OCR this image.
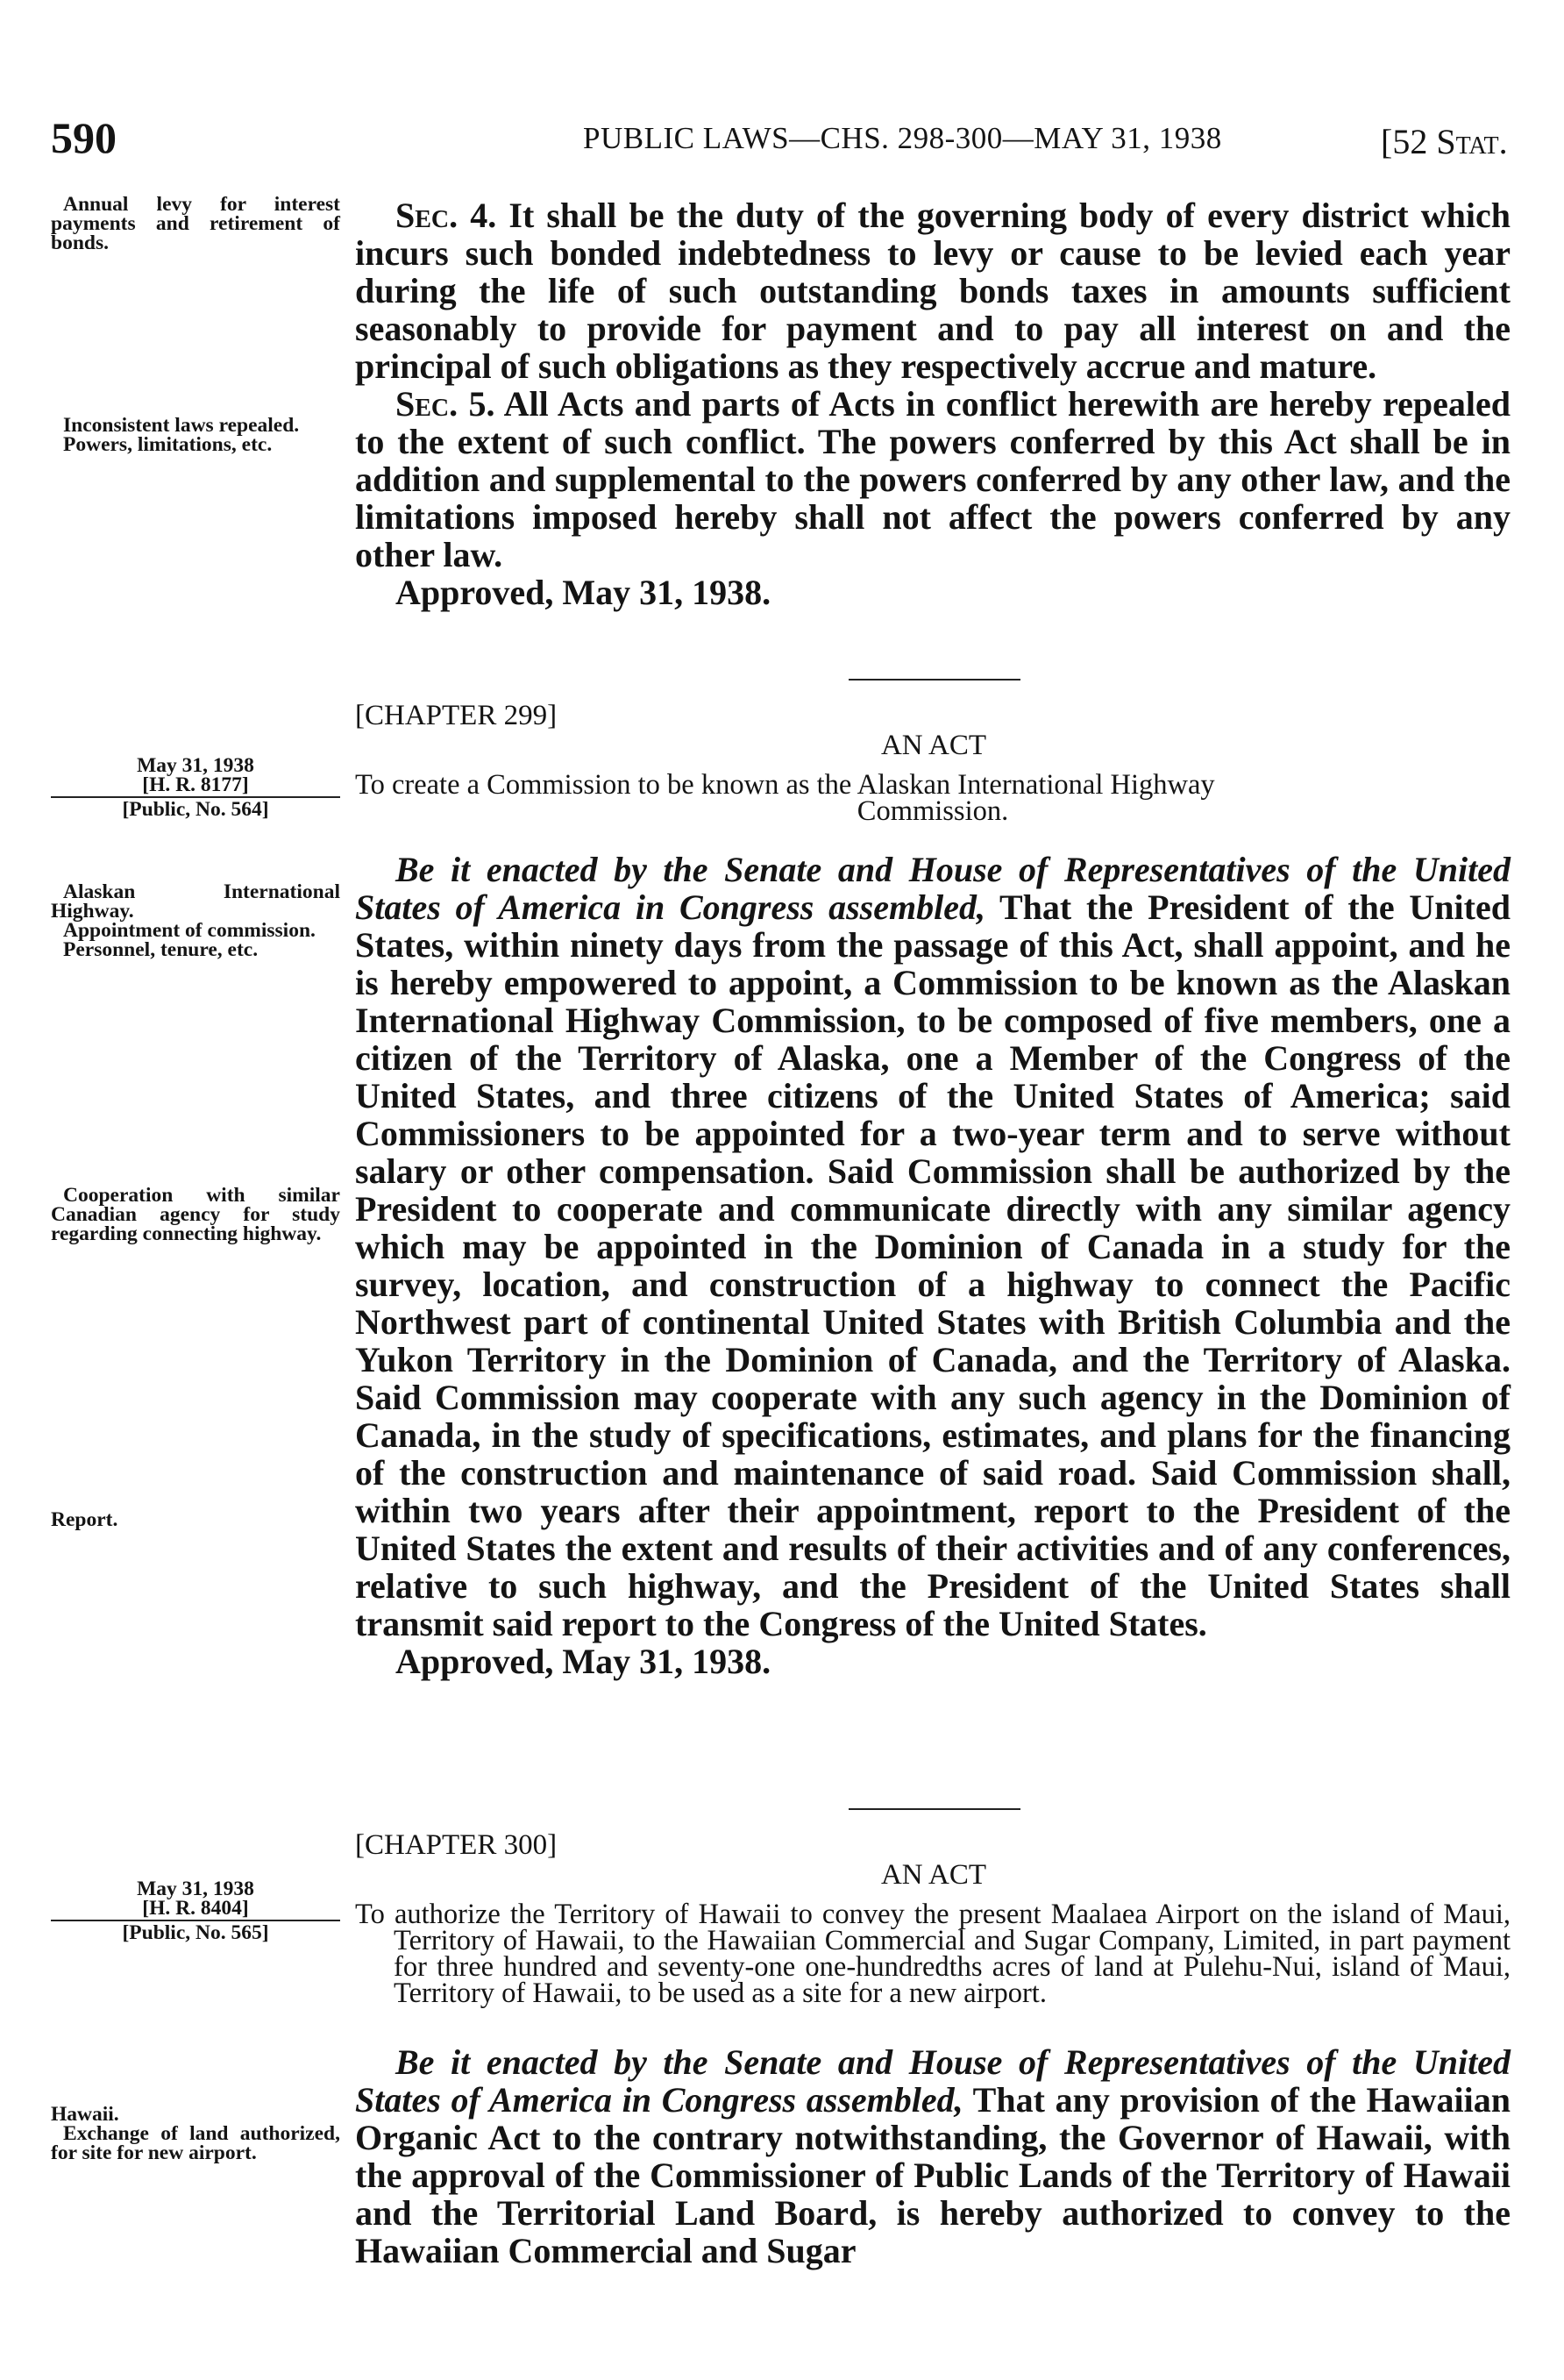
590	PUBLIC LAWS—CHS. 298-300—MAY 31, 1938	[52 Stat.

Annual levy for interest payments and retirement of bonds.

Inconsistent laws repealed.

Powers, limitations, etc.

May 31, 1938

[H. R. 8177]

[Public, No. 564]

Alaskan International Highway.

Appointment of commission.

Personnel, tenure, etc.

Cooperation with similar Canadian agency for study regarding connecting highway.

Report.

May 31, 1938

[H. R. 8404]

[Public, No. 565]

Hawaii.

Exchange of land authorized, for site for new airport.

Sec. 4. It shall be the duty of the governing body of every district which incurs such bonded indebtedness to levy or cause to be levied each year during the life of such outstanding bonds taxes in amounts sufficient seasonably to provide for payment and to pay all interest on and the principal of such obligations as they respectively accrue and mature.

Sec. 5. All Acts and parts of Acts in conflict herewith are hereby repealed to the extent of such conflict. The powers conferred by this Act shall be in addition and supplemental to the powers conferred by any other law, and the limitations imposed hereby shall not affect the powers conferred by any other law.

Approved, May 31, 1938.

[CHAPTER 299]
AN ACT
To create a Commission to be known as the Alaskan International Highway
Commission.

Be it enacted by the Senate and House of Representatives of the United States of America in Congress assembled, That the President of the United States, within ninety days from the passage of this Act, shall appoint, and he is hereby empowered to appoint, a Commission to be known as the Alaskan International Highway Commission, to be composed of five members, one a citizen of the Territory of Alaska, one a Member of the Congress of the United States, and three citizens of the United States of America; said Commissioners to be appointed for a two-year term and to serve without salary or other compensation. Said Commission shall be authorized by the President to cooperate and communicate directly with any similar agency which may be appointed in the Dominion of Canada in a study for the survey, location, and construction of a highway to connect the Pacific Northwest part of continental United States with British Columbia and the Yukon Territory in the Dominion of Canada, and the Territory of Alaska. Said Commission may cooperate with any such agency in the Dominion of Canada, in the study of specifications, estimates, and plans for the financing of the construction and maintenance of said road. Said Commission shall, within two years after their appointment, report to the President of the United States the extent and results of their activities and of any conferences, relative to such highway, and the President of the United States shall transmit said report to the Congress of the United States.

Approved, May 31, 1938.

[CHAPTER 300]
AN ACT
To authorize the Territory of Hawaii to convey the present Maalaea Airport on the island of Maui, Territory of Hawaii, to the Hawaiian Commercial and Sugar Company, Limited, in part payment for three hundred and seventy-one one-hundredths acres of land at Pulehu-Nui, island of Maui, Territory of Hawaii, to be used as a site for a new airport.

Be it enacted by the Senate and House of Representatives of the United States of America in Congress assembled, That any provision of the Hawaiian Organic Act to the contrary notwithstanding, the Governor of Hawaii, with the approval of the Commissioner of Public Lands of the Territory of Hawaii and the Territorial Land Board, is hereby authorized to convey to the Hawaiian Commercial and Sugar
